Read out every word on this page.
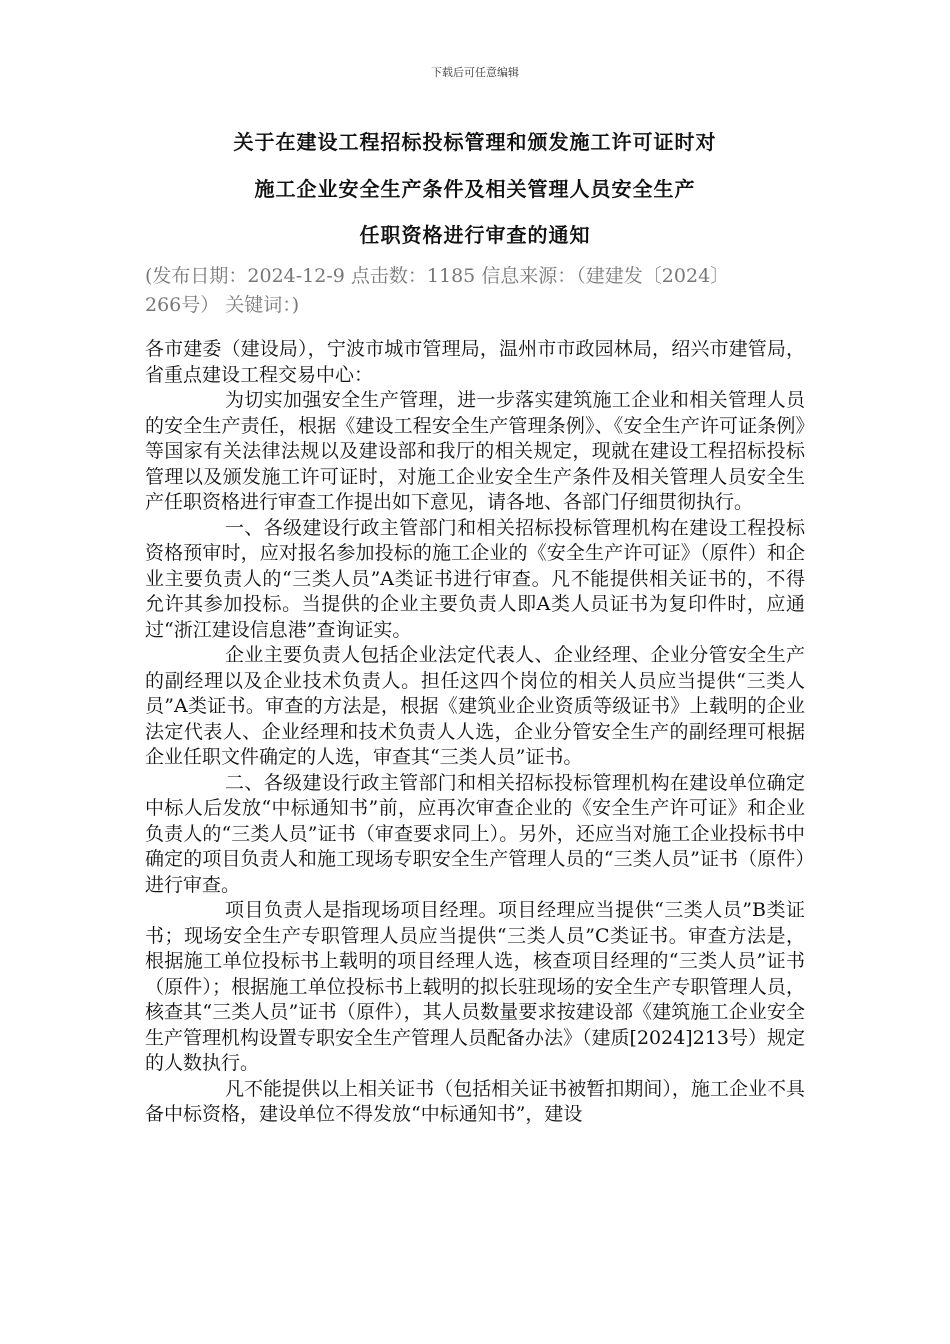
下载后可任意编辑
关于在建设工程招标投标管理和颁发施工许可证时对
施工企业安全生产条件及相关管理人员安全生产
任职资格进行审查的通知
(发布日期：2024-12-9 点击数：1185 信息来源：（建建发〔2024〕266号） 关键词：)

各市建委（建设局），宁波市城市管理局，温州市市政园林局，绍兴市建管局，省重点建设工程交易中心：

为切实加强安全生产管理，进一步落实建筑施工企业和相关管理人员的安全生产责任，根据《建设工程安全生产管理条例》、《安全生产许可证条例》等国家有关法律法规以及建设部和我厅的相关规定，现就在建设工程招标投标管理以及颁发施工许可证时，对施工企业安全生产条件及相关管理人员安全生产任职资格进行审查工作提出如下意见，请各地、各部门仔细贯彻执行。

一、各级建设行政主管部门和相关招标投标管理机构在建设工程投标资格预审时，应对报名参加投标的施工企业的《安全生产许可证》（原件）和企业主要负责人的“三类人员”A类证书进行审查。凡不能提供相关证书的，不得允许其参加投标。当提供的企业主要负责人即A类人员证书为复印件时，应通过“浙江建设信息港”查询证实。

企业主要负责人包括企业法定代表人、企业经理、企业分管安全生产的副经理以及企业技术负责人。担任这四个岗位的相关人员应当提供“三类人员”A类证书。审查的方法是，根据《建筑业企业资质等级证书》上载明的企业法定代表人、企业经理和技术负责人人选，企业分管安全生产的副经理可根据企业任职文件确定的人选，审查其“三类人员”证书。

二、各级建设行政主管部门和相关招标投标管理机构在建设单位确定中标人后发放“中标通知书”前，应再次审查企业的《安全生产许可证》和企业负责人的“三类人员”证书（审查要求同上）。另外，还应当对施工企业投标书中确定的项目负责人和施工现场专职安全生产管理人员的“三类人员”证书（原件）进行审查。

项目负责人是指现场项目经理。项目经理应当提供“三类人员”B类证书；现场安全生产专职管理人员应当提供“三类人员”C类证书。审查方法是，根据施工单位投标书上载明的项目经理人选，核查项目经理的“三类人员”证书（原件）；根据施工单位投标书上载明的拟长驻现场的安全生产专职管理人员，核查其“三类人员”证书（原件），其人员数量要求按建设部《建筑施工企业安全生产管理机构设置专职安全生产管理人员配备办法》（建质[2024]213号）规定的人数执行。

凡不能提供以上相关证书（包括相关证书被暂扣期间），施工企业不具备中标资格，建设单位不得发放“中标通知书”，建设
